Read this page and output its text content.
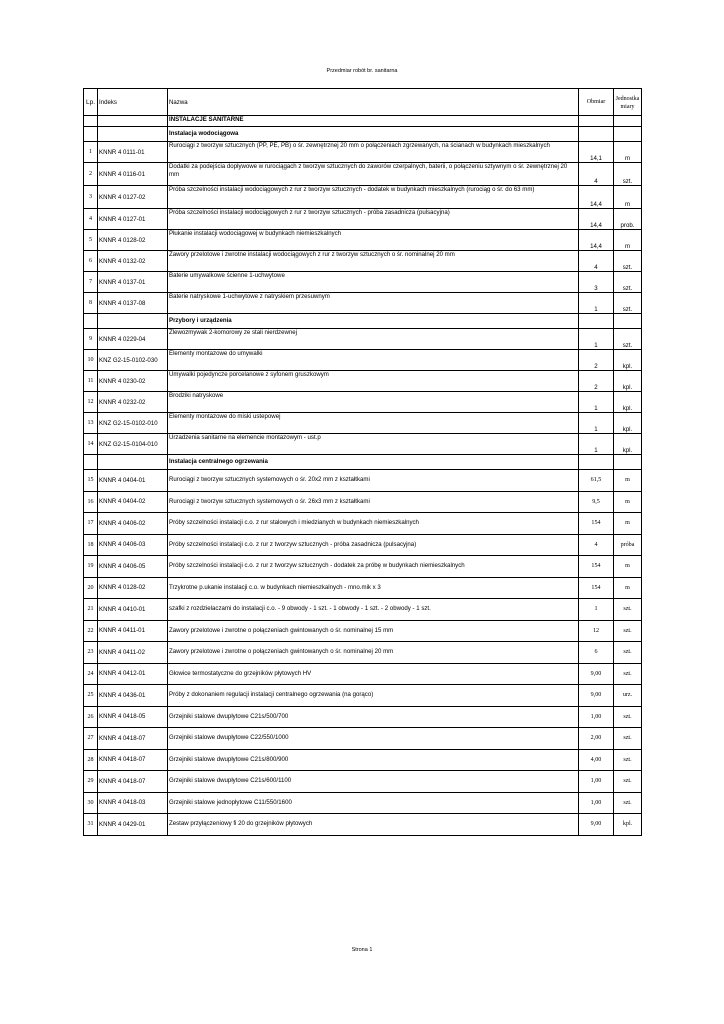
Przedmiar robót br. sanitarna
Lp.	Indeks	Nazwa	Obmiar	Jednostka miary
		INSTALACJE SANITARNE		
		Instalacja wodociągowa		
1	KNNR 4 0111-01	Rurociągi z tworzyw sztucznych (PP, PE, PB) o śr. zewnętrznej 20 mm o połączeniach zgrzewanych, na ścianach w budynkach mieszkalnych	14,1	m
2	KNNR 4 0116-01	Dodatki za podejścia dopływowe w rurociągach z tworzyw sztucznych do zaworów czerpalnych, baterii, o połączeniu sztywnym o śr. zewnętrznej 20 mm	4	szt.
3	KNNR 4 0127-02	Próba szczelności instalacji wodociągowych z rur z tworzyw sztucznych - dodatek w budynkach mieszkalnych (rurociąg o śr. do 63 mm)	14,4	m
4	KNNR 4 0127-01	Próba szczelności instalacji wodociągowych z rur z tworzyw sztucznych - próba zasadnicza (pulsacyjna)	14,4	prob.
5	KNNR 4 0128-02	Płukanie instalacji wodociągowej w budynkach niemieszkalnych	14,4	m
6	KNNR 4 0132-02	Zawory przelotowe i zwrotne instalacji wodociągowych z rur z tworzyw sztucznych o śr. nominalnej 20 mm	4	szt.
7	KNNR 4 0137-01	Baterie umywalkowe ścienne 1-uchwytowe	3	szt.
8	KNNR 4 0137-08	Baterie natryskowe 1-uchwytowe z natryskiem przesuwnym	1	szt.
		Przybory i urządzenia		
9	KNNR 4 0229-04	Zlewozmywak 2-komorowy ze stali nierdzewnej	1	szt.
10	KNZ G2-15-0102-030	Elementy montazowe do umywalki	2	kpl.
11	KNNR 4 0230-02	Umywalki pojedyncze porcelanowe z syfonem gruszkowym	2	kpl.
12	KNNR 4 0232-02	Brodziki natryskowe	1	kpl.
13	KNZ G2-15-0102-010	Elementy montazowe do miski ustepowej	1	kpl.
14	KNZ G2-15-0104-010	Urzadzenia sanitarne na elemencie montazowym - ust.p	1	kpl.
		Instalacja centralnego ogrzewania		
15	KNNR 4 0404-01	Rurociągi z tworzyw sztucznych systemowych o śr. 20x2 mm z kształtkami	61,5	m
16	KNNR 4 0404-02	Rurociągi z tworzyw sztucznych systemowych o śr. 26x3 mm z kształtkami	9,5	m
17	KNNR 4 0406-02	Próby szczelności instalacji c.o. z rur stalowych i miedzianych w budynkach niemieszkalnych	154	m
18	KNNR 4 0406-03	Próby szczelności instalacji c.o. z rur z tworzyw sztucznych - próba zasadnicza (pulsacyjna)	4	próba
19	KNNR 4 0406-05	Próby szczelności instalacji c.o. z rur z tworzyw sztucznych - dodatek za próbę w budynkach niemieszkalnych	154	m
20	KNNR 4 0128-02	Trzykrotne p.ukanie instalacji c.o. w budynkach niemieszkalnych - mno.mik x 3	154	m
21	KNNR 4 0410-01	szafki z rozdzielaczami do instalacji c.o. - 9 obwody - 1 szt. - 1 obwody - 1 szt. - 2 obwody - 1 szt.	1	szt.
22	KNNR 4 0411-01	Zawory przelotowe i zwrotne o połączeniach gwintowanych o śr. nominalnej 15 mm	12	szt.
23	KNNR 4 0411-02	Zawory przelotowe i zwrotne o połączeniach gwintowanych o śr. nominalnej 20 mm	6	szt.
24	KNNR 4 0412-01	Głowice termostatyczne do grzejników płytowych HV	9,00	szt.
25	KNNR 4 0436-01	Próby z dokonaniem regulacji instalacji centralnego ogrzewania (na gorąco)	9,00	urz.
26	KNNR 4 0418-05	Grzejniki stalowe dwupłytowe C21s/500/700	1,00	szt.
27	KNNR 4 0418-07	Grzejniki stalowe dwupłytowe C22/550/1000	2,00	szt.
28	KNNR 4 0418-07	Grzejniki stalowe dwupłytowe C21s/800/900	4,00	szt.
29	KNNR 4 0418-07	Grzejniki stalowe dwupłytowe C21s/600/1100	1,00	szt.
30	KNNR 4 0418-03	Grzejniki stalowe jednopłytowe C11/550/1600	1,00	szt.
31	KNNR 4 0429-01	Zestaw przyłączeniowy fi 20 do grzejników płytowych	9,00	kpl.
Strona 1
